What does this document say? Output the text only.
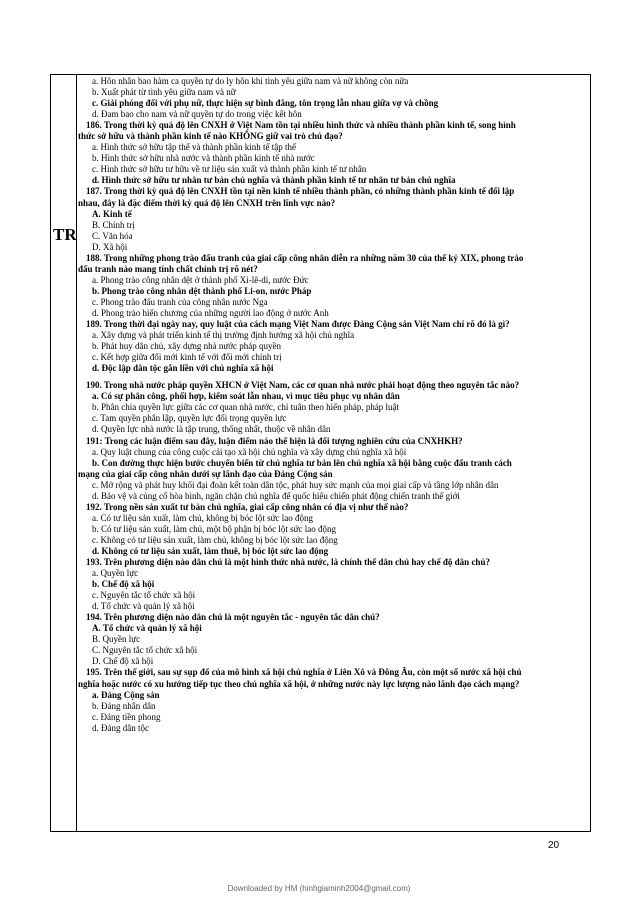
TR
a. Hôn nhân bao hàm ca quyền tự do ly hôn khi tình yêu giữa nam và nữ không còn nữa
b. Xuất phát từ tình yêu giữa nam và nữ
c. Giải phóng đối với phụ nữ, thực hiện sự bình đẳng, tôn trọng lẫn nhau giữa vợ và chồng
d. Đam bao cho nam và nữ quyền tự do trong việc kết hôn
186. Trong thời kỳ quá độ lên CNXH ở Việt Nam tồn tại nhiều hình thức và nhiều thành phần kinh tế, song hình
thức sở hữu và thành phần kinh tế nào KHÔNG giữ vai trò chủ đạo?
a. Hình thức sở hữu tập thể và thành phần kinh tế tập thể
b. Hình thức sở hữu nhà nước và thành phần kinh tế nhà nước
c. Hình thức sở hữu tư hữu về tư liệu sản xuất và thành phần kinh tế tư nhân
d. Hình thức sở hữu tư nhân tư bản chủ nghĩa và thành phần kinh tế tư nhân tư bản chủ nghĩa
187. Trong thời kỳ quá độ lên CNXH tồn tại nền kinh tế nhiều thành phần, có những thành phần kinh tế đối lập
nhau, đây là đặc điểm thời kỳ quá độ lên CNXH trên lĩnh vực nào?
A. Kinh tế
B. Chính trị
C. Văn hóa
D. Xã hội
188. Trong những phong trào đấu tranh của giai cấp công nhân diễn ra những năm 30 của thế kỷ XIX, phong trào
đấu tranh nào mang tính chất chính trị rõ nét?
a. Phong trào công nhân dệt ở thành phố Xi-lê-di, nước Đức
b. Phong trào công nhân dệt thành phố Li-on, nước Pháp
c. Phong trào đấu tranh của công nhân nước Nga
d. Phong trào hiến chương của những người lao động ở nước Anh
189. Trong thời đại ngày nay, quy luật của cách mạng Việt Nam được Đảng Cộng sản Việt Nam chỉ rõ đó là gì?
a. Xây dựng và phát triển kinh tế thị trường định hướng xã hội chủ nghĩa
b. Phát huy dân chủ, xây dựng nhà nước pháp quyền
c. Kết hợp giữa đổi mới kinh tế với đổi mới chính trị
d. Độc lập dân tộc gắn liền với chủ nghĩa xã hội
190. Trong nhà nước pháp quyền XHCN ở Việt Nam, các cơ quan nhà nước phải hoạt động theo nguyên tắc nào?
a. Có sự phân công, phối hợp, kiểm soát lẫn nhau, vì mục tiêu phục vụ nhân dân
b. Phân chia quyền lực giữa các cơ quan nhà nước, chỉ tuân theo hiến pháp, pháp luật
c. Tam quyền phân lập, quyền lực đối trọng quyền lực
d. Quyền lực nhà nước là tập trung, thống nhất, thuộc về nhân dân
191: Trong các luận điểm sau đây, luận điểm nào thể hiện là đối tượng nghiên cứu của CNXHKH?
a. Quy luật chung của công cuộc cải tạo xã hội chủ nghĩa và xây dựng chủ nghĩa xã hội
b. Con đường thực hiện bước chuyển biến từ chủ nghĩa tư bản lên chủ nghĩa xã hội bằng cuộc đấu tranh cách
mạng của giai cấp công nhân dưới sự lãnh đạo của Đảng Cộng sản
c. Mở rộng và phát huy khối đại đoàn kết toàn dân tộc, phát huy sức mạnh của mọi giai cấp và tầng lớp nhân dân
d. Bảo vệ và củng cố hòa bình, ngăn chặn chủ nghĩa đế quốc hiếu chiến phát động chiến tranh thế giới
192. Trong nền sản xuất tư bản chủ nghĩa, giai cấp công nhân có địa vị như thế nào?
a. Có tư liệu sản xuất, làm chủ, không bị bóc lột sức lao động
b. Có tư liệu sản xuất, làm chủ, một bộ phận bị bóc lột sức lao động
c. Không có tư liệu sản xuất, làm chủ, không bị bóc lột sức lao động
d. Không có tư liệu sản xuất, làm thuê, bị bóc lột sức lao động
193. Trên phương diện nào dân chủ là một hình thức nhà nước, là chính thể dân chủ hay chế độ dân chủ?
a. Quyền lực
b. Chế độ xã hội
c. Nguyên tắc tổ chức xã hội
d. Tổ chức và quản lý xã hội
194. Trên phương diện nào dân chủ là một nguyên tắc - nguyên tắc dân chủ?
A. Tổ chức và quản lý xã hội
B. Quyền lực
C. Nguyên tắc tổ chức xã hội
D. Chế độ xã hội
195. Trên thế giới, sau sự sụp đổ của mô hình xã hội chủ nghĩa ở Liên Xô và Đông Âu, còn một số nước xã hội chủ
nghĩa hoặc nước có xu hướng tiếp tục theo chủ nghĩa xã hội, ở những nước này lực lượng nào lãnh đạo cách mạng?
a. Đảng Cộng sản
b. Đảng nhân dân
c. Đảng tiền phong
d. Đảng dân tộc
20
Downloaded by HM (hinhgiaminh2004@gmail.com)
